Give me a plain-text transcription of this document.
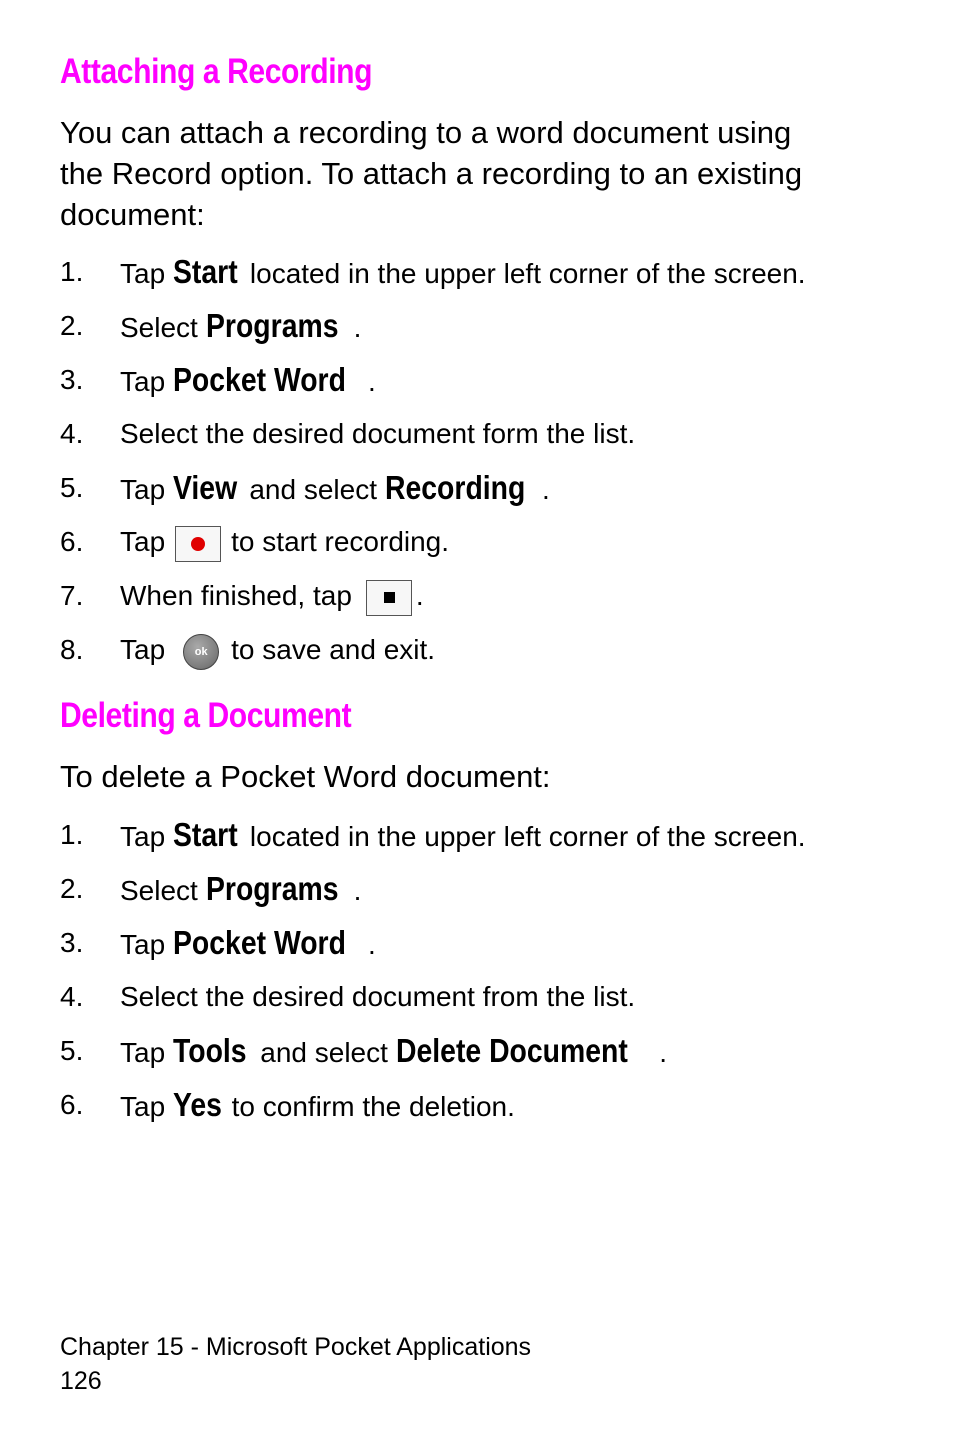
Attaching a Recording

You can attach a recording to a word document using
the Record option. To attach a recording to an existing
document:

1.	Tap Start located in the upper left corner of the screen.
2.	Select Programs .
3.	Tap Pocket Word .
4.	Select the desired document form the list.
5.	Tap View and select Recording .
6.	Tap to start recording.
7.	When finished, tap .
8.	Tap	ok to save and exit.
Deleting a Document

To delete a Pocket Word document:

1.	Tap Start located in the upper left corner of the screen.
2.	Select Programs .
3.	Tap Pocket Word .
4.	Select the desired document from the list.
5.	Tap Tools and select Delete Document .
6.	Tap Yes to confirm the deletion.

Chapter 15 - Microsoft Pocket Applications

126
